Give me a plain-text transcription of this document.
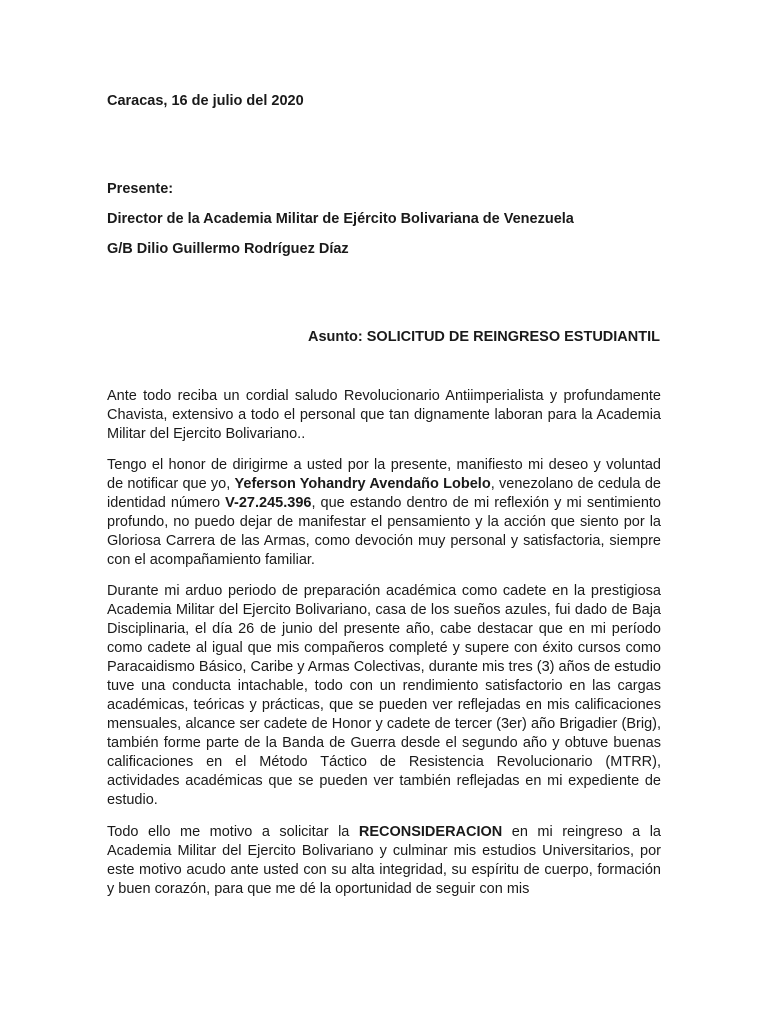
Caracas, 16 de julio del 2020
Presente:
Director de la Academia Militar de Ejército Bolivariana de Venezuela
G/B Dilio Guillermo Rodríguez Díaz
Asunto: SOLICITUD DE REINGRESO ESTUDIANTIL

Ante todo reciba un cordial saludo Revolucionario Antiimperialista y profundamente Chavista, extensivo a todo el personal que tan dignamente laboran para la Academia Militar del Ejercito Bolivariano..

Tengo el honor de dirigirme a usted por la presente, manifiesto mi deseo y voluntad de notificar que yo, Yeferson Yohandry Avendaño Lobelo, venezolano de cedula de identidad número V-27.245.396, que estando dentro de mi reflexión y mi sentimiento profundo, no puedo dejar de manifestar el pensamiento y la acción que siento por la Gloriosa Carrera de las Armas, como devoción muy personal y satisfactoria, siempre con el acompañamiento familiar.

Durante mi arduo periodo de preparación académica como cadete en la prestigiosa Academia Militar del Ejercito Bolivariano, casa de los sueños azules, fui dado de Baja Disciplinaria, el día 26 de junio del presente año, cabe destacar que en mi período como cadete al igual que mis compañeros completé y supere con éxito cursos como Paracaidismo Básico, Caribe y Armas Colectivas, durante mis tres (3) años de estudio tuve una conducta intachable, todo con un rendimiento satisfactorio en las cargas académicas, teóricas y prácticas, que se pueden ver reflejadas en mis calificaciones mensuales, alcance ser cadete de Honor y cadete de tercer (3er) año Brigadier (Brig), también forme parte de la Banda de Guerra desde el segundo año y obtuve buenas calificaciones en el Método Táctico de Resistencia Revolucionario (MTRR), actividades académicas que se pueden ver también reflejadas en mi expediente de estudio.

Todo ello me motivo a solicitar la RECONSIDERACION en mi reingreso a la Academia Militar del Ejercito Bolivariano y culminar mis estudios Universitarios, por este motivo acudo ante usted con su alta integridad, su espíritu de cuerpo, formación y buen corazón, para que me dé la oportunidad de seguir con mis
